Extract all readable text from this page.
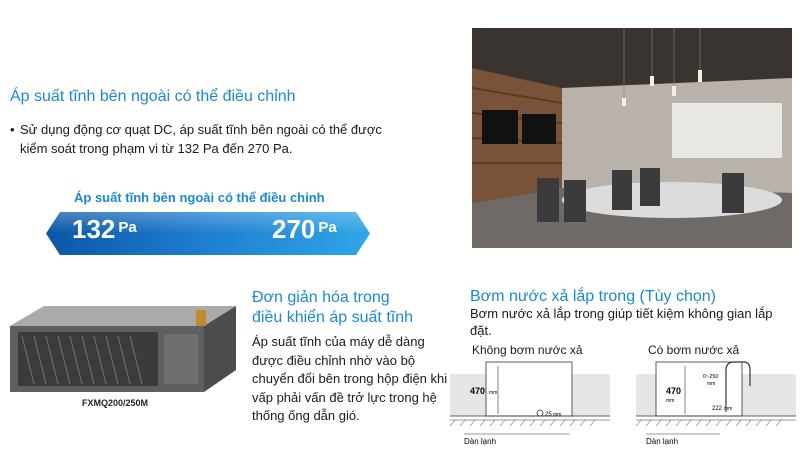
Áp suất tĩnh bên ngoài có thể điều chỉnh
• Sử dụng động cơ quạt DC, áp suất tĩnh bên ngoài có thể được kiểm soát trong phạm vi từ 132 Pa đến 270 Pa.
Áp suất tĩnh bên ngoài có thể điều chỉnh
132 $^{Pa}$	270 $^{Pa}$
FXMQ200/250M
Đơn giản hóa trong
điều khiển áp suất tĩnh
Áp suất tĩnh của máy dễ dàng được điều chỉnh nhờ vào bộ chuyển đổi bên trong hộp điện khi vấp phải vấn đề trở lực trong hệ thống ống dẫn gió.
Bơm nước xả lắp trong (Tùy chọn)
Bơm nước xả lắp trong giúp tiết kiệm không gian lắp đặt.
Không bơm nước xả	Có bơm nước xả
470 mm
25 mm
Dàn lạnh
470
mm
0~250
mm
222 mm
Dàn lạnh
